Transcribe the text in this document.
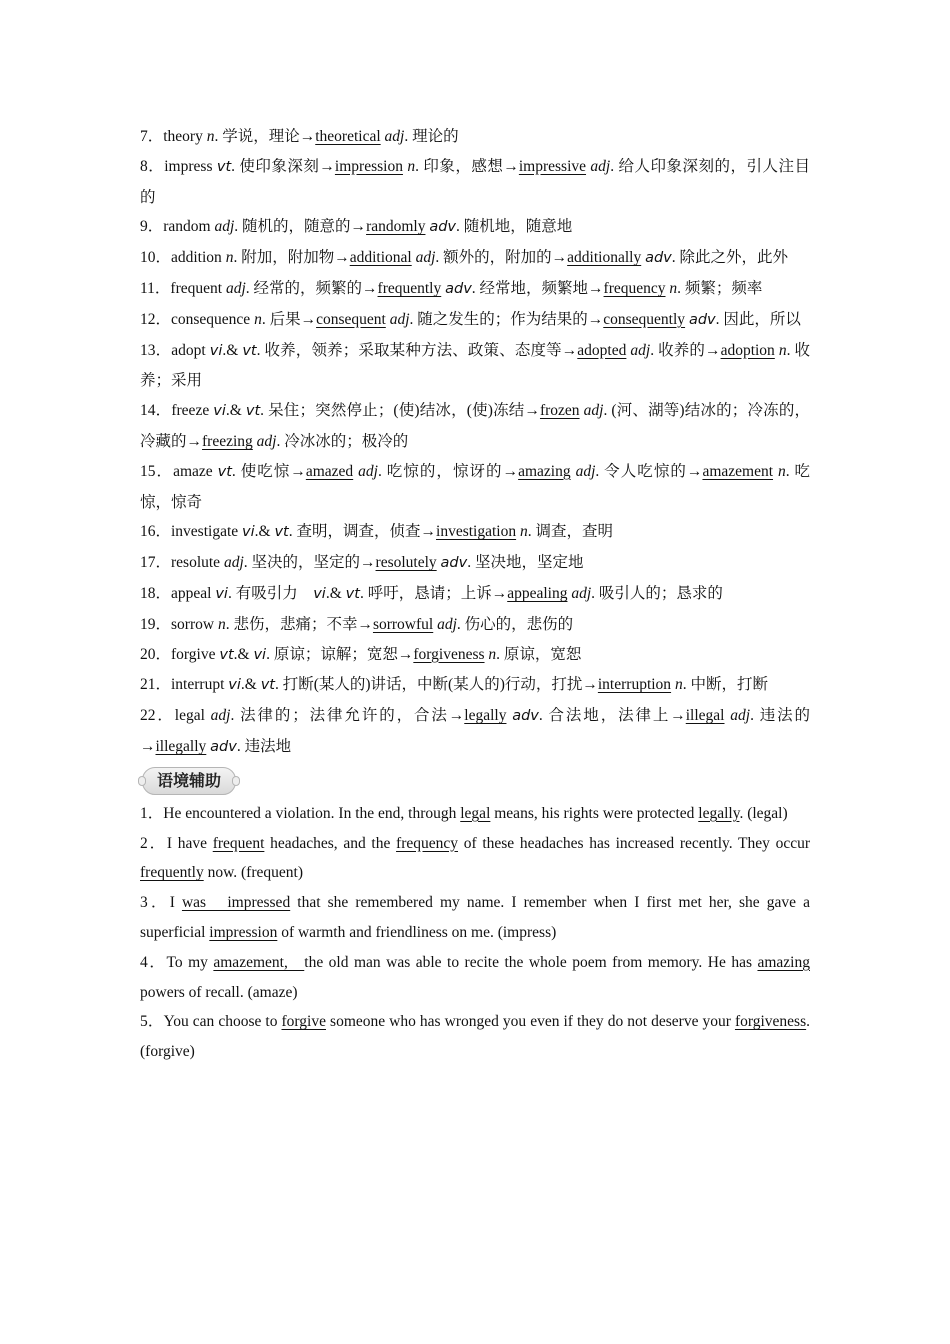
7．theory n. 学说，理论→theoretical adj. 理论的
8．impress vt. 使印象深刻→impression n. 印象，感想→impressive adj. 给人印象深刻的，引人注目的
9．random adj. 随机的，随意的→randomly adv. 随机地，随意地
10．addition n. 附加，附加物→additional adj. 额外的，附加的→additionally adv. 除此之外，此外
11．frequent adj. 经常的，频繁的→frequently adv. 经常地，频繁地→frequency n. 频繁；频率
12．consequence n. 后果→consequent adj. 随之发生的；作为结果的→consequently adv. 因此，所以
13．adopt vi.& vt. 收养，领养；采取某种方法、政策、态度等→adopted adj. 收养的→adoption n. 收养；采用
14．freeze vi.& vt. 呆住；突然停止；(使)结冰，(使)冻结→frozen adj. (河、湖等)结冰的；冷冻的，冷藏的→freezing adj. 冷冰冰的；极冷的
15．amaze vt. 使吃惊→amazed adj. 吃惊的，惊讶的→amazing adj. 令人吃惊的→amazement n. 吃惊，惊奇
16．investigate vi.& vt. 查明，调查，侦查→investigation n. 调查，查明
17．resolute adj. 坚决的，坚定的→resolutely adv. 坚决地，坚定地
18．appeal vi. 有吸引力　vi.& vt. 呼吁，恳请；上诉→appealing adj. 吸引人的；恳求的
19．sorrow n. 悲伤，悲痛；不幸→sorrowful adj. 伤心的，悲伤的
20．forgive vt.& vi. 原谅；谅解；宽恕→forgiveness n. 原谅，宽恕
21．interrupt vi.& vt. 打断(某人的)讲话，中断(某人的)行动，打扰→interruption n. 中断，打断
22．legal adj. 法律的；法律允许的，合法→legally adv. 合法地，法律上→illegal adj. 违法的→illegally adv. 违法地
语境辅助
1．He encountered a violation. In the end, through legal means, his rights were protected legally. (legal)
2．I have frequent headaches, and the frequency of these headaches has increased recently. They occur frequently now. (frequent)
3．I was   impressed that she remembered my name. I remember when I first met her, she gave a superficial impression of warmth and friendliness on me. (impress)
4．To my amazement,   the old man was able to recite the whole poem from memory. He has amazing powers of recall. (amaze)
5．You can choose to forgive someone who has wronged you even if they do not deserve your forgiveness. (forgive)
